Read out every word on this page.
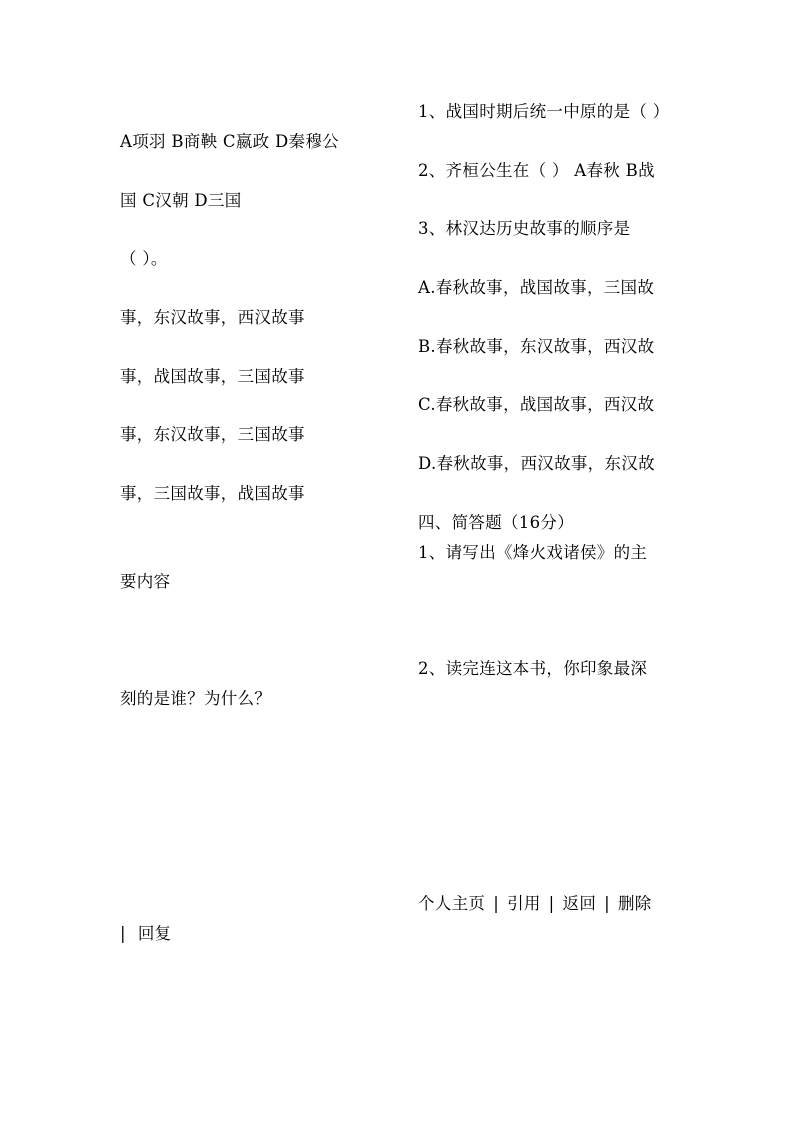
1、战国时期后统一中原的是（ ）
A项羽 B商鞅 C嬴政 D秦穆公
2、齐桓公生在（ ） A春秋 B战
国 C汉朝 D三国
3、林汉达历史故事的顺序是
（ ）。
A.春秋故事，战国故事，三国故
事，东汉故事，西汉故事
B.春秋故事，东汉故事，西汉故
事，战国故事，三国故事
C.春秋故事，战国故事，西汉故
事，东汉故事，三国故事
D.春秋故事，西汉故事，东汉故
事，三国故事，战国故事
四、简答题（16分）
1、请写出《烽火戏诸侯》的主
要内容
2、读完连这本书，你印象最深
刻的是谁？为什么？
个人主页 | 引用 | 返回 | 删除
| 回复
